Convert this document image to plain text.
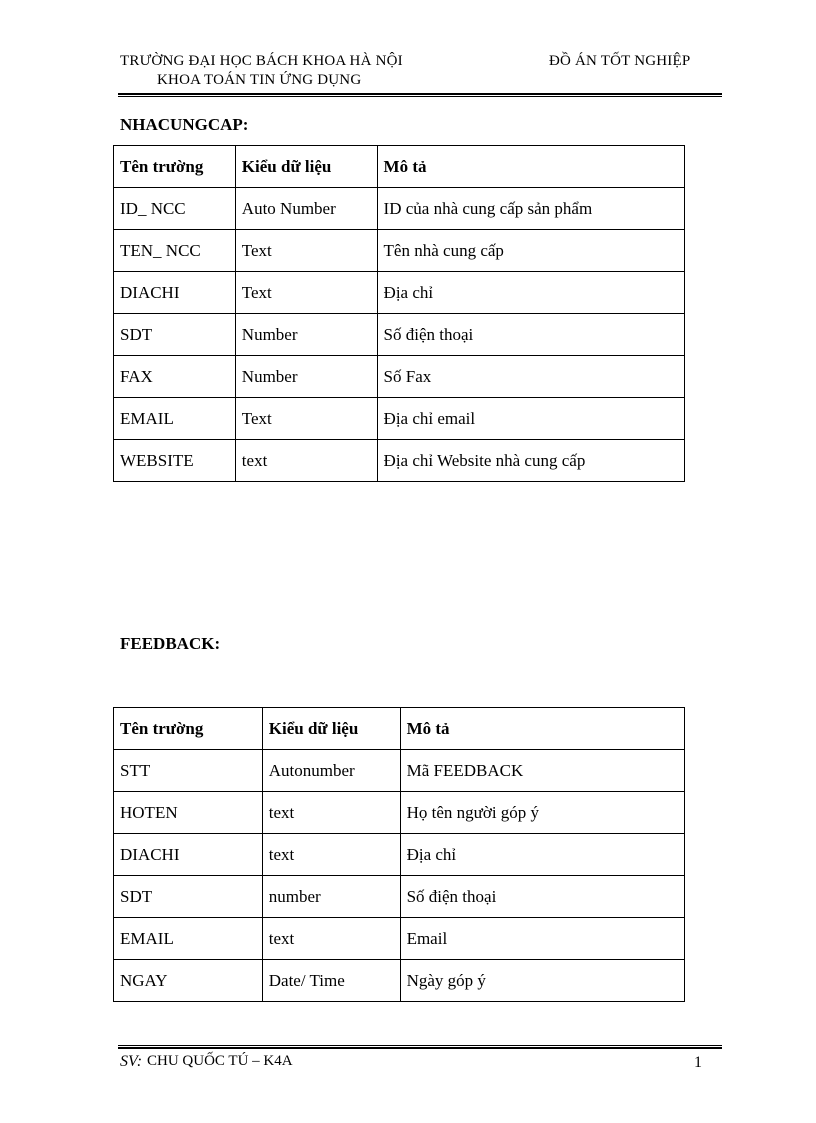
TRƯỜNG ĐẠI HỌC BÁCH KHOA HÀ NỘI
KHOA TOÁN TIN ỨNG DỤNG
ĐỒ ÁN TỐT NGHIỆP
NHACUNGCAP:
Tên trường	Kiểu dữ liệu	Mô tả
ID_ NCC	Auto Number	ID của nhà cung cấp sản phẩm
TEN_ NCC	Text	Tên nhà cung cấp
DIACHI	Text	Địa chỉ
SDT	Number	Số điện thoại
FAX	Number	Số Fax
EMAIL	Text	Địa chỉ email
WEBSITE	text	Địa chỉ Website nhà cung cấp
FEEDBACK:
Tên trường	Kiểu dữ liệu	Mô tả
STT	Autonumber	Mã FEEDBACK
HOTEN	text	Họ tên người góp ý
DIACHI	text	Địa chỉ
SDT	number	Số điện thoại
EMAIL	text	Email
NGAY	Date/ Time	Ngày góp ý
SV: CHU QUỐC TÚ – K4A	1
